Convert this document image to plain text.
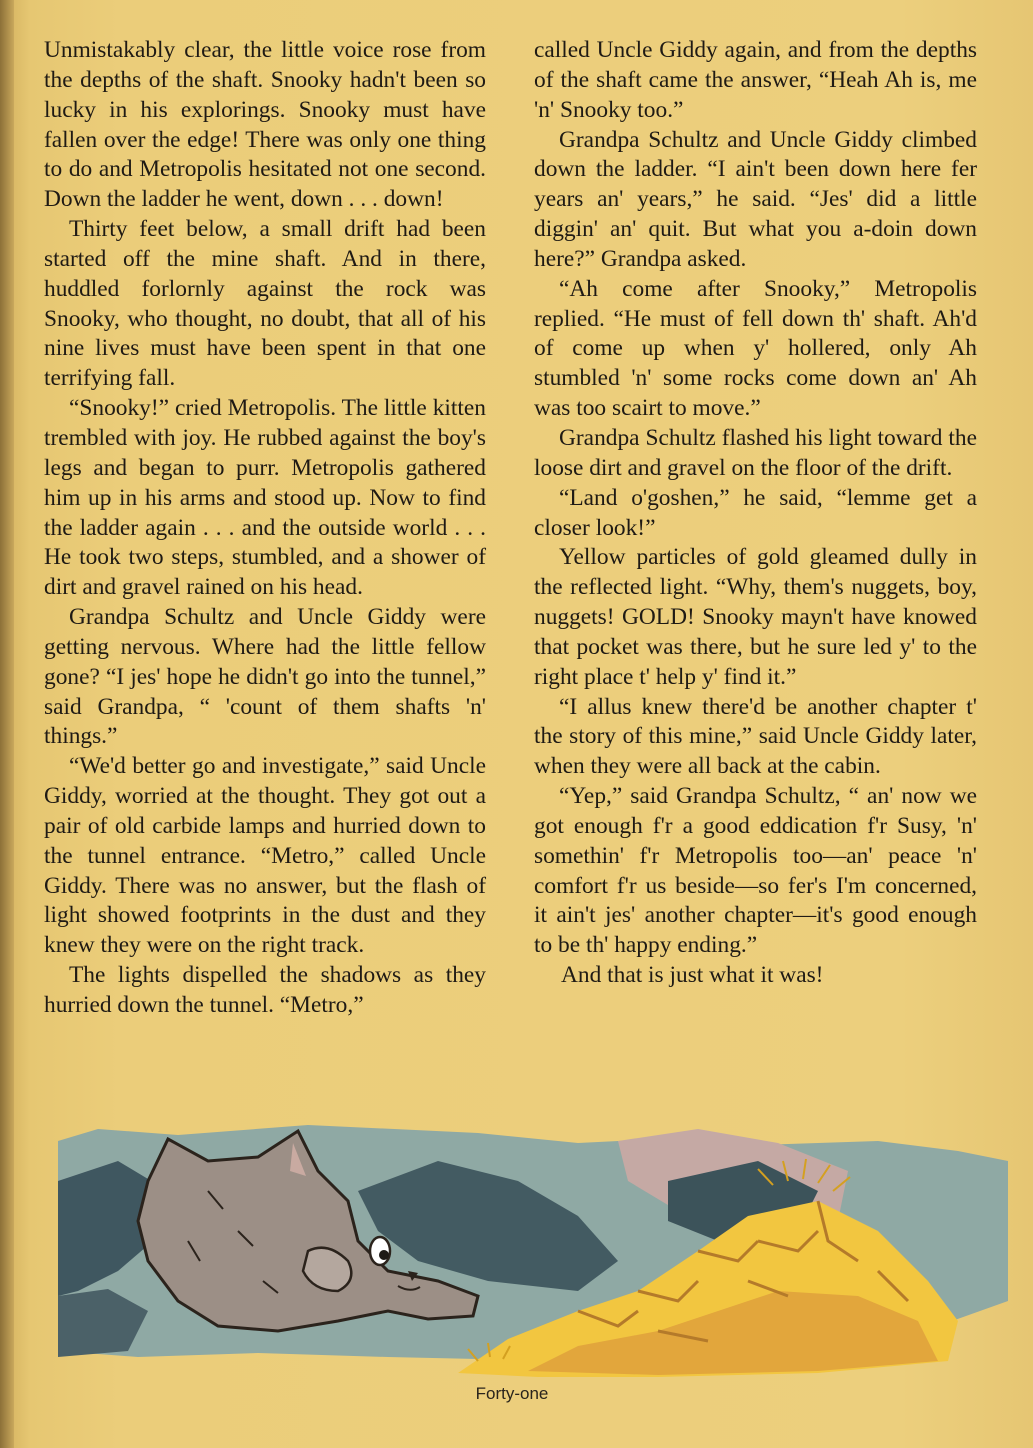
Unmistakably clear, the little voice rose from the depths of the shaft. Snooky hadn't been so lucky in his explorings. Snooky must have fallen over the edge! There was only one thing to do and Metropolis hesitated not one second. Down the ladder he went, down . . . down!

Thirty feet below, a small drift had been started off the mine shaft. And in there, huddled forlornly against the rock was Snooky, who thought, no doubt, that all of his nine lives must have been spent in that one terrifying fall.

“Snooky!” cried Metropolis. The little kitten trembled with joy. He rubbed against the boy's legs and began to purr. Metropolis gathered him up in his arms and stood up. Now to find the ladder again . . . and the outside world . . . He took two steps, stumbled, and a shower of dirt and gravel rained on his head.

Grandpa Schultz and Uncle Giddy were getting nervous. Where had the little fellow gone? “I jes' hope he didn't go into the tunnel,” said Grandpa, “ 'count of them shafts 'n' things.”

“We'd better go and investigate,” said Uncle Giddy, worried at the thought. They got out a pair of old carbide lamps and hurried down to the tunnel entrance. “Metro,” called Uncle Giddy. There was no answer, but the flash of light showed footprints in the dust and they knew they were on the right track.

The lights dispelled the shadows as they hurried down the tunnel. “Metro,”

called Uncle Giddy again, and from the depths of the shaft came the answer, “Heah Ah is, me 'n' Snooky too.”

Grandpa Schultz and Uncle Giddy climbed down the ladder. “I ain't been down here fer years an' years,” he said. “Jes' did a little diggin' an' quit. But what you a-doin down here?” Grandpa asked.

“Ah come after Snooky,” Metropolis replied. “He must of fell down th' shaft. Ah'd of come up when y' hollered, only Ah stumbled 'n' some rocks come down an' Ah was too scairt to move.”

Grandpa Schultz flashed his light toward the loose dirt and gravel on the floor of the drift.

“Land o'goshen,” he said, “lemme get a closer look!”

Yellow particles of gold gleamed dully in the reflected light. “Why, them's nuggets, boy, nuggets! GOLD! Snooky mayn't have knowed that pocket was there, but he sure led y' to the right place t' help y' find it.”

“I allus knew there'd be another chapter t' the story of this mine,” said Uncle Giddy later, when they were all back at the cabin.

“Yep,” said Grandpa Schultz, “ an' now we got enough f'r a good eddication f'r Susy, 'n' somethin' f'r Metropolis too—an' peace 'n' comfort f'r us beside—so fer's I'm concerned, it ain't jes' another chapter—it's good enough to be th' happy ending.”

And that is just what it was!

Forty-one
